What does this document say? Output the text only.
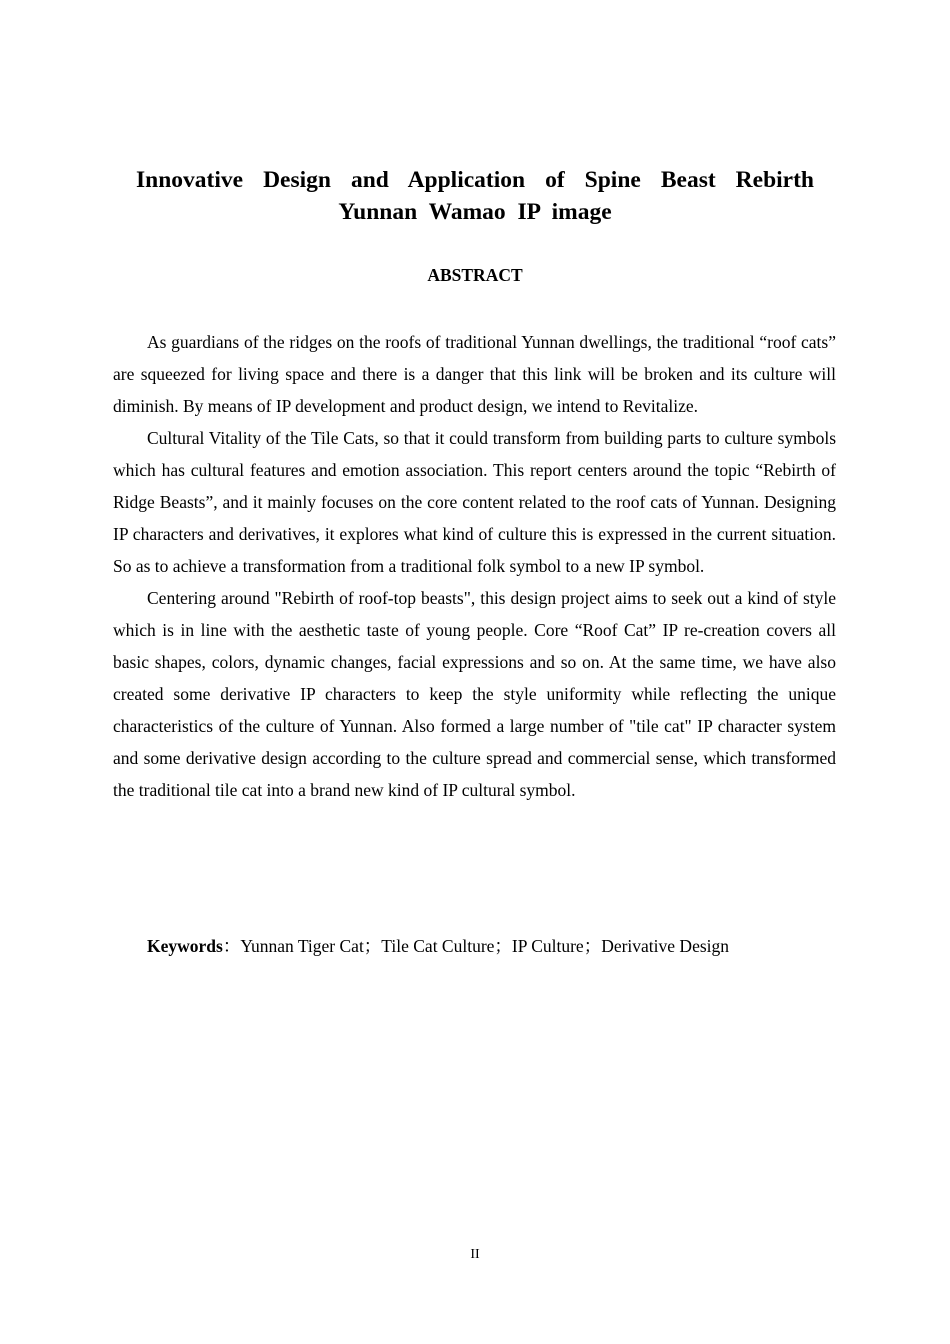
Innovative Design and Application of Spine Beast Rebirth
Yunnan Wamao IP image
ABSTRACT

As guardians of the ridges on the roofs of traditional Yunnan dwellings, the traditional “roof cats” are squeezed for living space and there is a danger that this link will be broken and its culture will diminish. By means of IP development and product design, we intend to Revitalize.

Cultural Vitality of the Tile Cats, so that it could transform from building parts to culture symbols which has cultural features and emotion association. This report centers around the topic “Rebirth of Ridge Beasts”, and it mainly focuses on the core content related to the roof cats of Yunnan. Designing IP characters and derivatives, it explores what kind of culture this is expressed in the current situation. So as to achieve a transformation from a traditional folk symbol to a new IP symbol.

Centering around "Rebirth of roof-top beasts", this design project aims to seek out a kind of style which is in line with the aesthetic taste of young people. Core “Roof Cat” IP re-creation covers all basic shapes, colors, dynamic changes, facial expressions and so on. At the same time, we have also created some derivative IP characters to keep the style uniformity while reflecting the unique characteristics of the culture of Yunnan. Also formed a large number of "tile cat" IP character system and some derivative design according to the culture spread and commercial sense, which transformed the traditional tile cat into a brand new kind of IP cultural symbol.

Keywords：Yunnan Tiger Cat；Tile Cat Culture；IP Culture；Derivative Design
II
